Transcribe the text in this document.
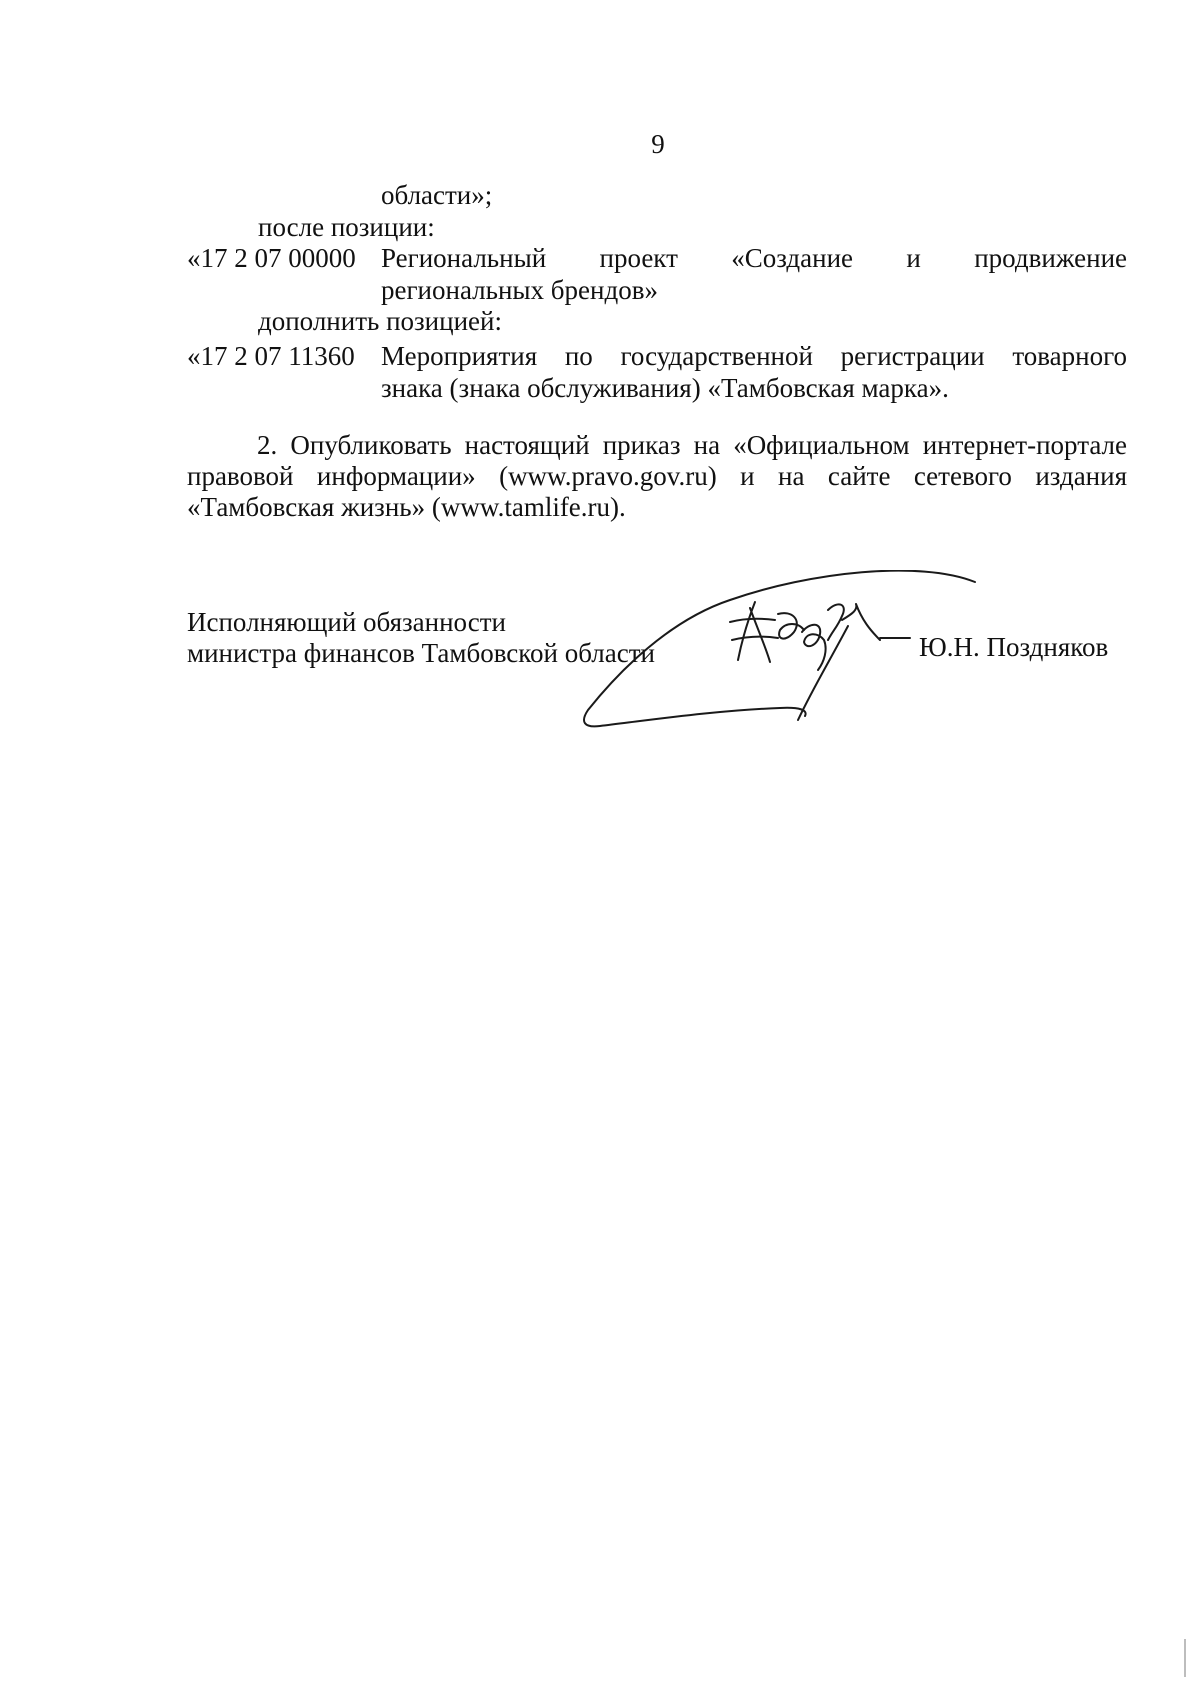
9
области»;
после позиции:
«17 2 07 00000 Региональный проект «Создание и продвижение
региональных брендов»
дополнить позицией:
«17 2 07 11360 Мероприятия по государственной регистрации товарного
знака (знака обслуживания) «Тамбовская марка».
2. Опубликовать настоящий приказ на «Официальном интернет-портале правовой информации» (www.pravo.gov.ru) и на сайте сетевого издания «Тамбовская жизнь» (www.tamlife.ru).
Исполняющий обязанности
министра финансов Тамбовской области	Ю.Н. Поздняков
